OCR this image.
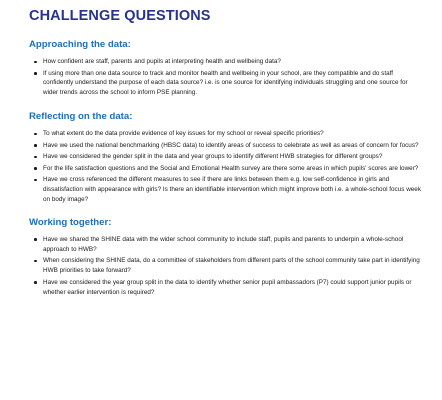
CHALLENGE QUESTIONS
Approaching the data:
How confident are staff, parents and pupils at interpreting health and wellbeing data?
If using more than one data source to track and monitor health and wellbeing in your school, are they compatible and do staff confidently understand the purpose of each data source? i.e. is one source for identifying individuals struggling and one source for wider trends across the school to inform PSE planning.
Reflecting on the data:
To what extent do the data provide evidence of key issues for my school or reveal specific priorities?
Have we used the national benchmarking (HBSC data) to identify areas of success to celebrate as well as areas of concern for focus?
Have we considered the gender split in the data and year groups to identify different HWB strategies for different groups?
For the life satisfaction questions and the Social and Emotional Health survey are there some areas in which pupils' scores are lower?
Have we cross referenced the different measures to see if there are links between them e.g. low self-confidence in girls and dissatisfaction with appearance with girls? Is there an identifiable intervention which might improve both i.e. a whole-school focus week on body image?
Working together:
Have we shared the SHINE data with the wider school community to include staff, pupils and parents to underpin a whole-school approach to HWB?
When considering the SHINE data, do a committee of stakeholders from different parts of the school community take part in identifying HWB priorities to take forward?
Have we considered the year group split in the data to identify whether senior pupil ambassadors (P7) could support junior pupils or whether earlier intervention is required?
